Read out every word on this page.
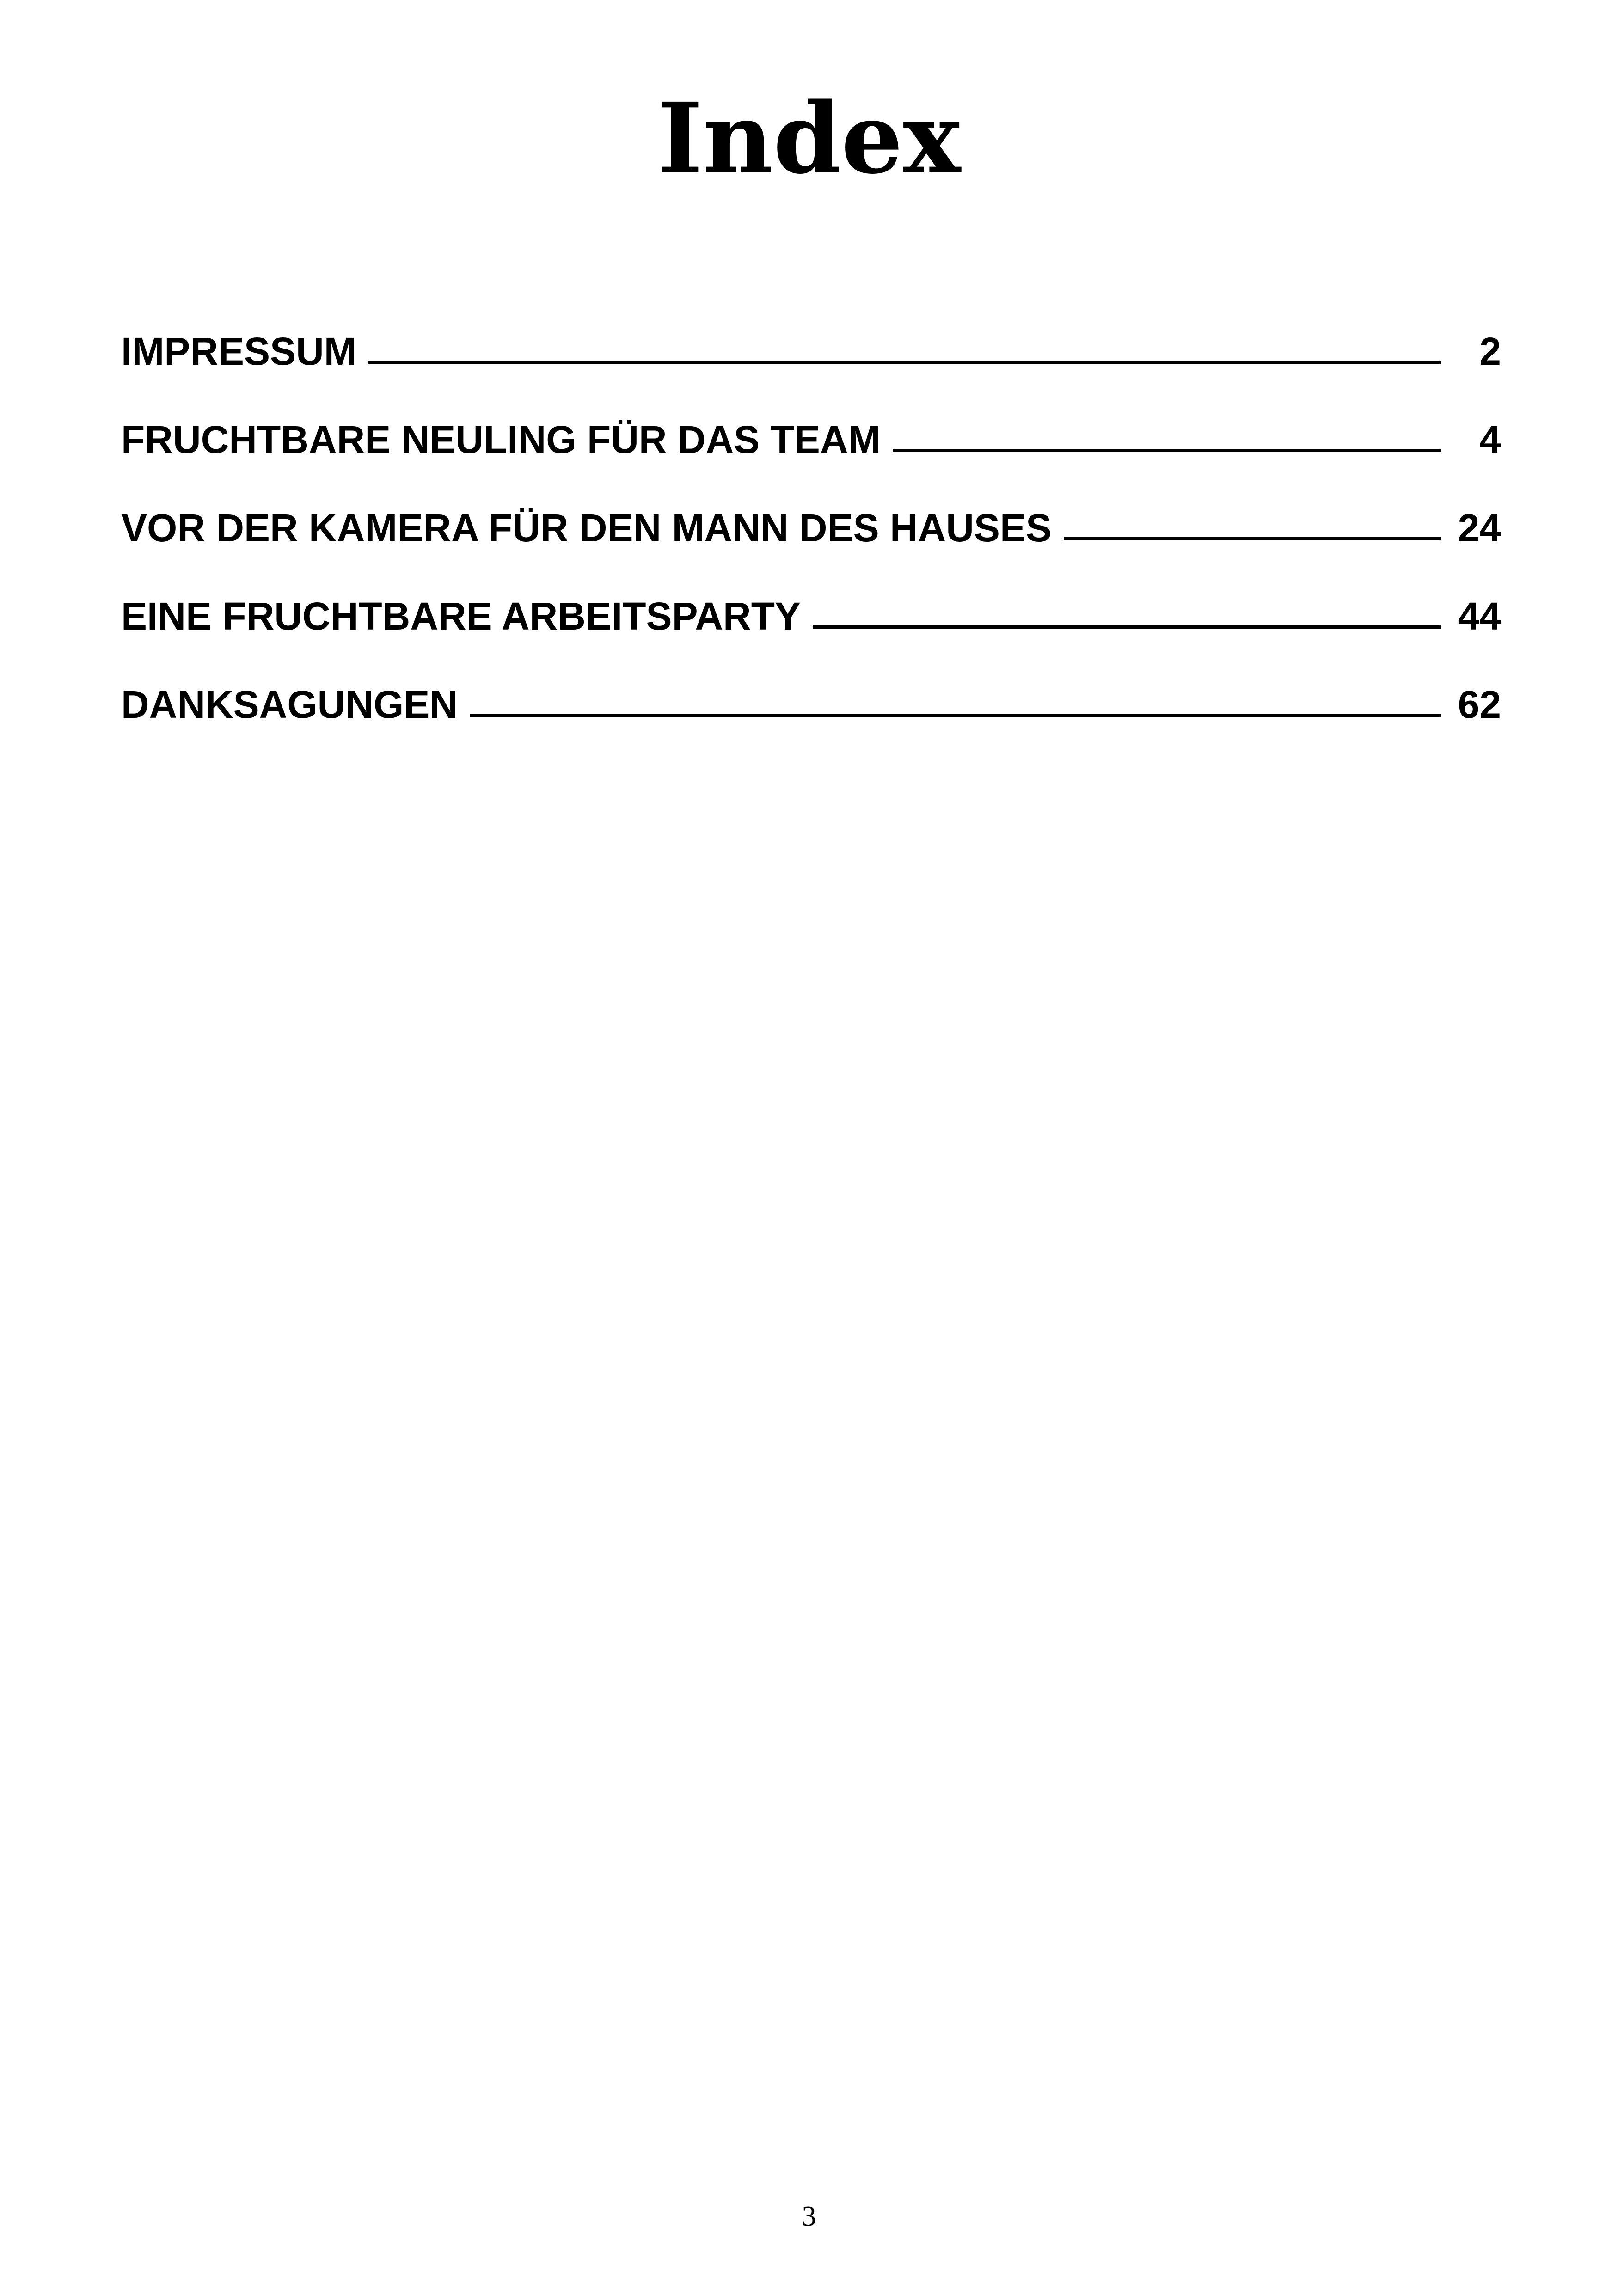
Index
IMPRESSUM	2
FRUCHTBARE NEULING FÜR DAS TEAM	4
VOR DER KAMERA FÜR DEN MANN DES HAUSES	24
EINE FRUCHTBARE ARBEITSPARTY	44
DANKSAGUNGEN	62
3
